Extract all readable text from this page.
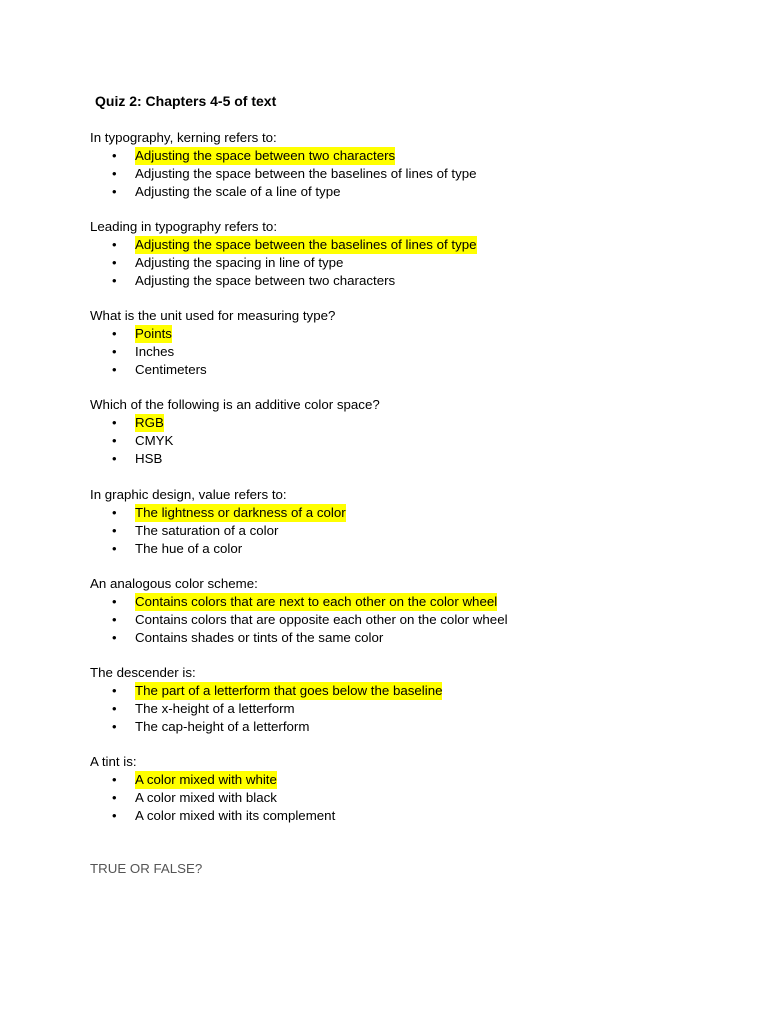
Quiz 2: Chapters 4-5 of text

In typography, kerning refers to:

• Adjusting the space between two characters
• Adjusting the space between the baselines of lines of type
• Adjusting the scale of a line of type

Leading in typography refers to:

• Adjusting the space between the baselines of lines of type
• Adjusting the spacing in line of type
• Adjusting the space between two characters

What is the unit used for measuring type?

• Points
• Inches
• Centimeters

Which of the following is an additive color space?

• RGB
• CMYK
• HSB

In graphic design, value refers to:

• The lightness or darkness of a color
• The saturation of a color
• The hue of a color

An analogous color scheme:

• Contains colors that are next to each other on the color wheel
• Contains colors that are opposite each other on the color wheel
• Contains shades or tints of the same color

The descender is:

• The part of a letterform that goes below the baseline
• The x-height of a letterform
• The cap-height of a letterform

A tint is:

• A color mixed with white
• A color mixed with black
• A color mixed with its complement

TRUE OR FALSE?
